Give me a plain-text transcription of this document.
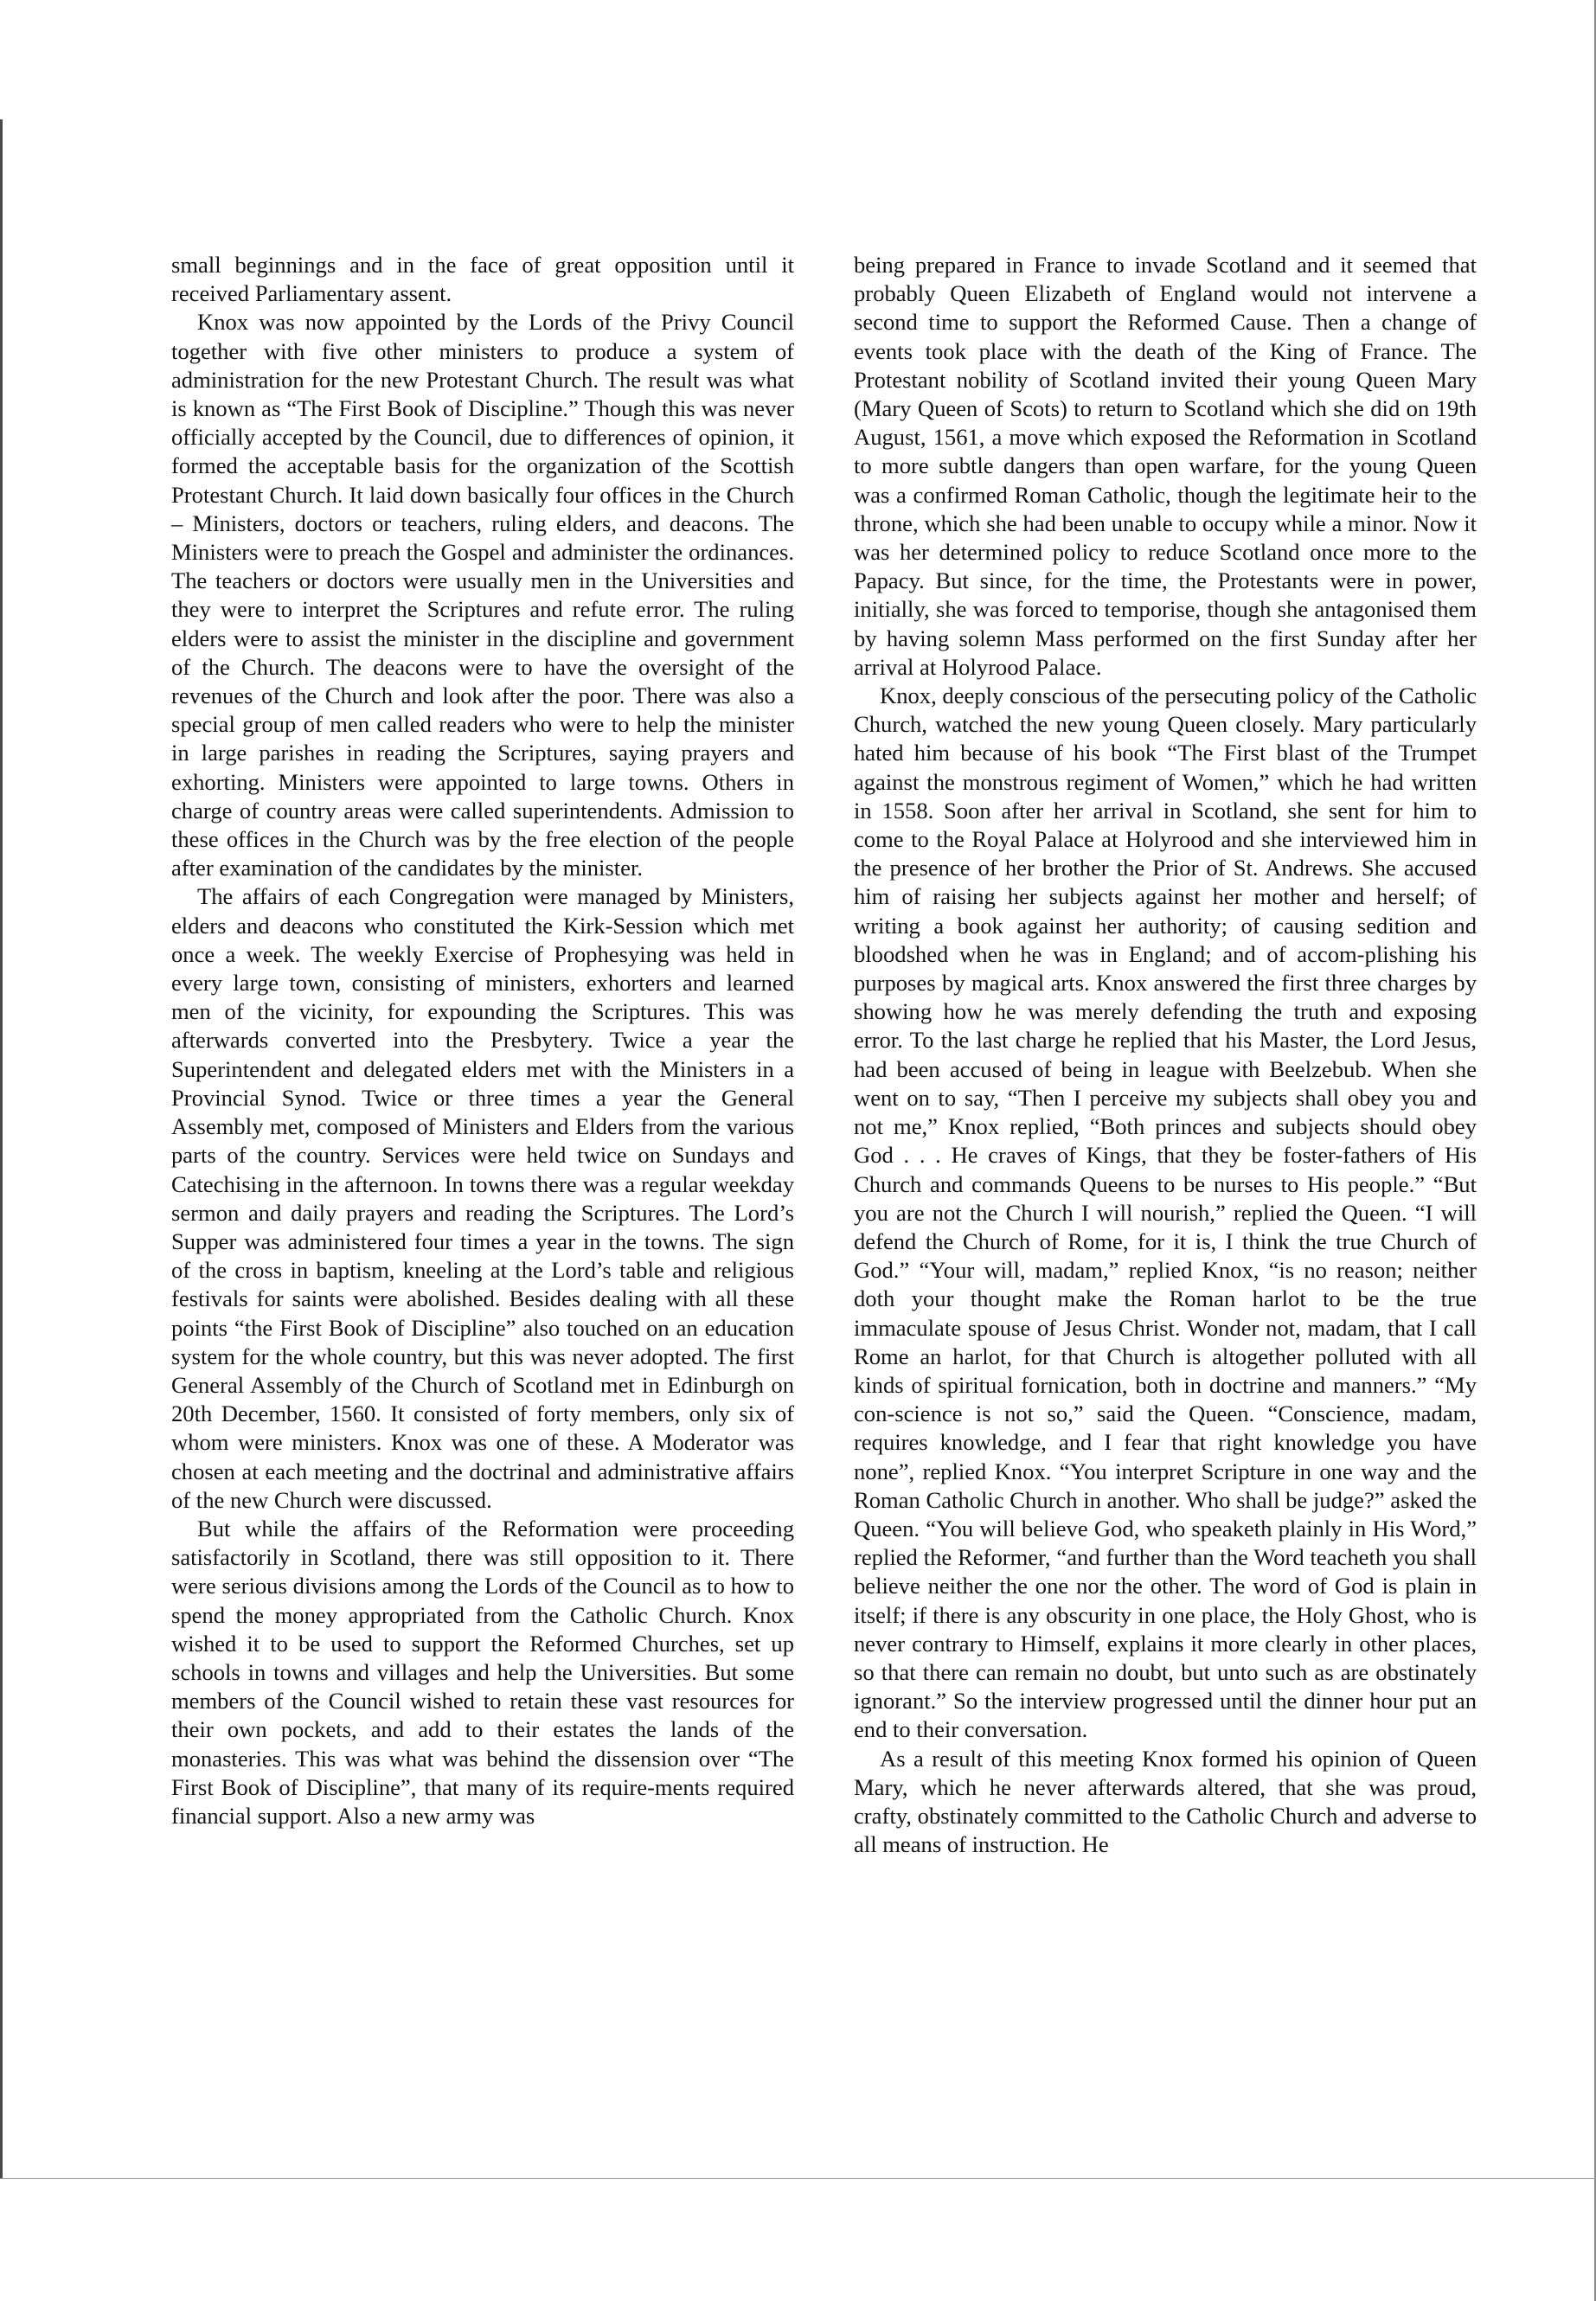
small beginnings and in the face of great opposition until it received Parliamentary assent.

Knox was now appointed by the Lords of the Privy Council together with five other ministers to produce a system of administration for the new Protestant Church. The result was what is known as “The First Book of Discipline.” Though this was never officially accepted by the Council, due to differences of opinion, it formed the acceptable basis for the organization of the Scottish Protestant Church. It laid down basically four offices in the Church – Ministers, doctors or teachers, ruling elders, and deacons. The Ministers were to preach the Gospel and administer the ordinances. The teachers or doctors were usually men in the Universities and they were to interpret the Scriptures and refute error. The ruling elders were to assist the minister in the discipline and government of the Church. The deacons were to have the oversight of the revenues of the Church and look after the poor. There was also a special group of men called readers who were to help the minister in large parishes in reading the Scriptures, saying prayers and exhorting. Ministers were appointed to large towns. Others in charge of country areas were called superintendents. Admission to these offices in the Church was by the free election of the people after examination of the candidates by the minister.

The affairs of each Congregation were managed by Ministers, elders and deacons who constituted the Kirk-Session which met once a week. The weekly Exercise of Prophesying was held in every large town, consisting of ministers, exhorters and learned men of the vicinity, for expounding the Scriptures. This was afterwards converted into the Presbytery. Twice a year the Superintendent and delegated elders met with the Ministers in a Provincial Synod. Twice or three times a year the General Assembly met, composed of Ministers and Elders from the various parts of the country. Services were held twice on Sundays and Catechising in the afternoon. In towns there was a regular weekday sermon and daily prayers and reading the Scriptures. The Lord’s Supper was administered four times a year in the towns. The sign of the cross in baptism, kneeling at the Lord’s table and religious festivals for saints were abolished. Besides dealing with all these points “the First Book of Discipline” also touched on an education system for the whole country, but this was never adopted. The first General Assembly of the Church of Scotland met in Edinburgh on 20th December, 1560. It consisted of forty members, only six of whom were ministers. Knox was one of these. A Moderator was chosen at each meeting and the doctrinal and administrative affairs of the new Church were discussed.

But while the affairs of the Reformation were proceeding satisfactorily in Scotland, there was still opposition to it. There were serious divisions among the Lords of the Council as to how to spend the money appropriated from the Catholic Church. Knox wished it to be used to support the Reformed Churches, set up schools in towns and villages and help the Universities. But some members of the Council wished to retain these vast resources for their own pockets, and add to their estates the lands of the monasteries. This was what was behind the dissension over “The First Book of Discipline”, that many of its require-ments required financial support. Also a new army was

being prepared in France to invade Scotland and it seemed that probably Queen Elizabeth of England would not intervene a second time to support the Reformed Cause. Then a change of events took place with the death of the King of France. The Protestant nobility of Scotland invited their young Queen Mary (Mary Queen of Scots) to return to Scotland which she did on 19th August, 1561, a move which exposed the Reformation in Scotland to more subtle dangers than open warfare, for the young Queen was a confirmed Roman Catholic, though the legitimate heir to the throne, which she had been unable to occupy while a minor. Now it was her determined policy to reduce Scotland once more to the Papacy. But since, for the time, the Protestants were in power, initially, she was forced to temporise, though she antagonised them by having solemn Mass performed on the first Sunday after her arrival at Holyrood Palace.

Knox, deeply conscious of the persecuting policy of the Catholic Church, watched the new young Queen closely. Mary particularly hated him because of his book “The First blast of the Trumpet against the monstrous regiment of Women,” which he had written in 1558. Soon after her arrival in Scotland, she sent for him to come to the Royal Palace at Holyrood and she interviewed him in the presence of her brother the Prior of St. Andrews. She accused him of raising her subjects against her mother and herself; of writing a book against her authority; of causing sedition and bloodshed when he was in England; and of accom-plishing his purposes by magical arts. Knox answered the first three charges by showing how he was merely defending the truth and exposing error. To the last charge he replied that his Master, the Lord Jesus, had been accused of being in league with Beelzebub. When she went on to say, “Then I perceive my subjects shall obey you and not me,” Knox replied, “Both princes and subjects should obey God . . . He craves of Kings, that they be foster-fathers of His Church and commands Queens to be nurses to His people.” “But you are not the Church I will nourish,” replied the Queen. “I will defend the Church of Rome, for it is, I think the true Church of God.” “Your will, madam,” replied Knox, “is no reason; neither doth your thought make the Roman harlot to be the true immaculate spouse of Jesus Christ. Wonder not, madam, that I call Rome an harlot, for that Church is altogether polluted with all kinds of spiritual fornication, both in doctrine and manners.” “My con-science is not so,” said the Queen. “Conscience, madam, requires knowledge, and I fear that right knowledge you have none”, replied Knox. “You interpret Scripture in one way and the Roman Catholic Church in another. Who shall be judge?” asked the Queen. “You will believe God, who speaketh plainly in His Word,” replied the Reformer, “and further than the Word teacheth you shall believe neither the one nor the other. The word of God is plain in itself; if there is any obscurity in one place, the Holy Ghost, who is never contrary to Himself, explains it more clearly in other places, so that there can remain no doubt, but unto such as are obstinately ignorant.” So the interview progressed until the dinner hour put an end to their conversation.

As a result of this meeting Knox formed his opinion of Queen Mary, which he never afterwards altered, that she was proud, crafty, obstinately committed to the Catholic Church and adverse to all means of instruction. He
